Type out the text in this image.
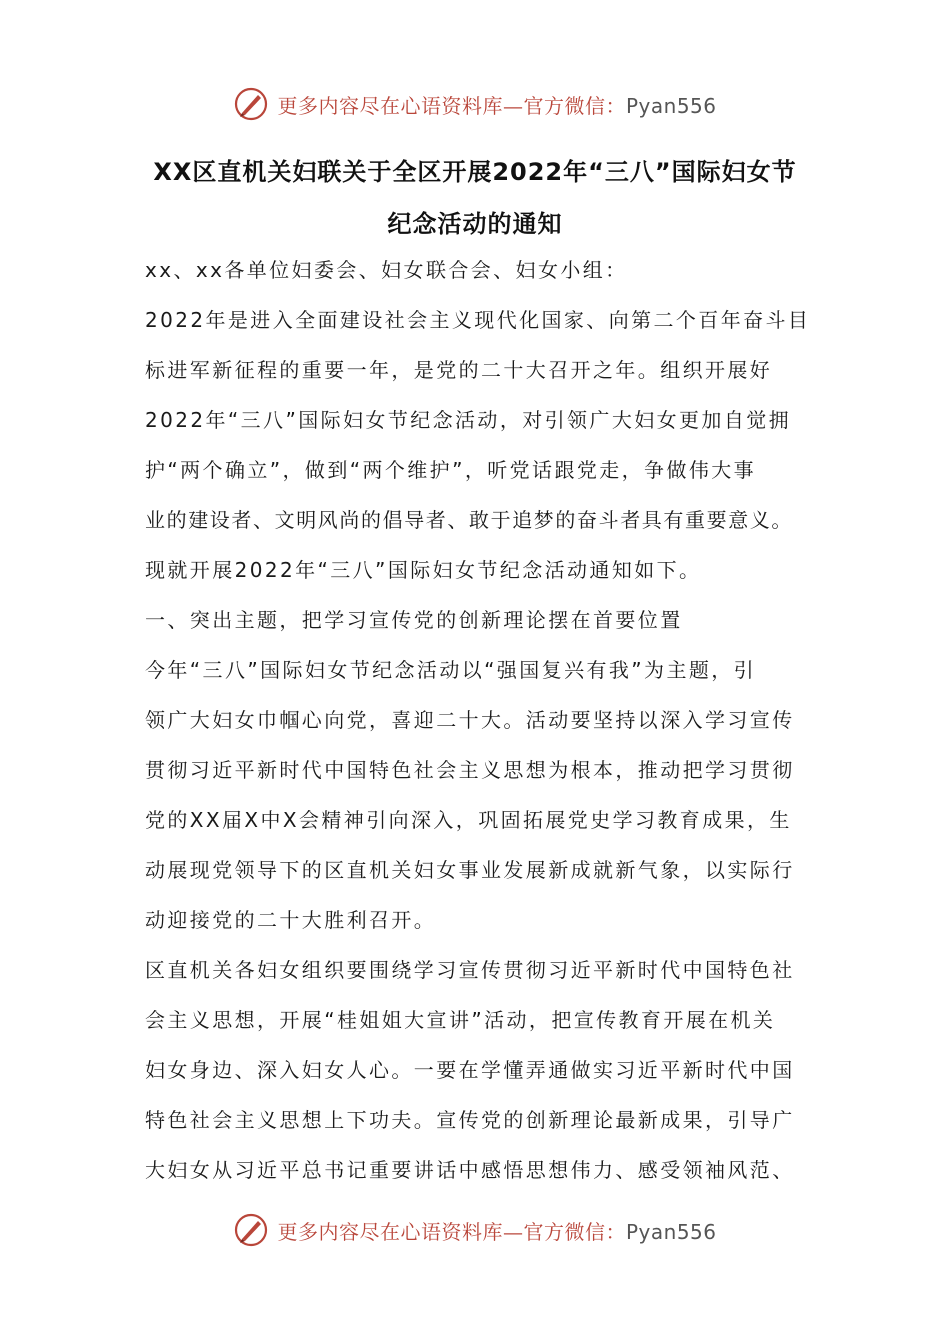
更多内容尽在心语资料库—官方微信：Pyan556
XX区直机关妇联关于全区开展2022年“三八”国际妇女节
纪念活动的通知

xx、xx各单位妇委会、妇女联合会、妇女小组：

2022年是进入全面建设社会主义现代化国家、向第二个百年奋斗目

标进军新征程的重要一年，是党的二十大召开之年。组织开展好

2022年“三八”国际妇女节纪念活动，对引领广大妇女更加自觉拥

护“两个确立”，做到“两个维护”，听党话跟党走，争做伟大事

业的建设者、文明风尚的倡导者、敢于追梦的奋斗者具有重要意义。

现就开展2022年“三八”国际妇女节纪念活动通知如下。

一、突出主题，把学习宣传党的创新理论摆在首要位置

今年“三八”国际妇女节纪念活动以“强国复兴有我”为主题，引

领广大妇女巾帼心向党，喜迎二十大。活动要坚持以深入学习宣传

贯彻习近平新时代中国特色社会主义思想为根本，推动把学习贯彻

党的XX届X中X会精神引向深入，巩固拓展党史学习教育成果，生

动展现党领导下的区直机关妇女事业发展新成就新气象，以实际行

动迎接党的二十大胜利召开。

区直机关各妇女组织要围绕学习宣传贯彻习近平新时代中国特色社

会主义思想，开展“桂姐姐大宣讲”活动，把宣传教育开展在机关

妇女身边、深入妇女人心。一要在学懂弄通做实习近平新时代中国

特色社会主义思想上下功夫。宣传党的创新理论最新成果，引导广

大妇女从习近平总书记重要讲话中感悟思想伟力、感受领袖风范、

更多内容尽在心语资料库—官方微信：Pyan556
